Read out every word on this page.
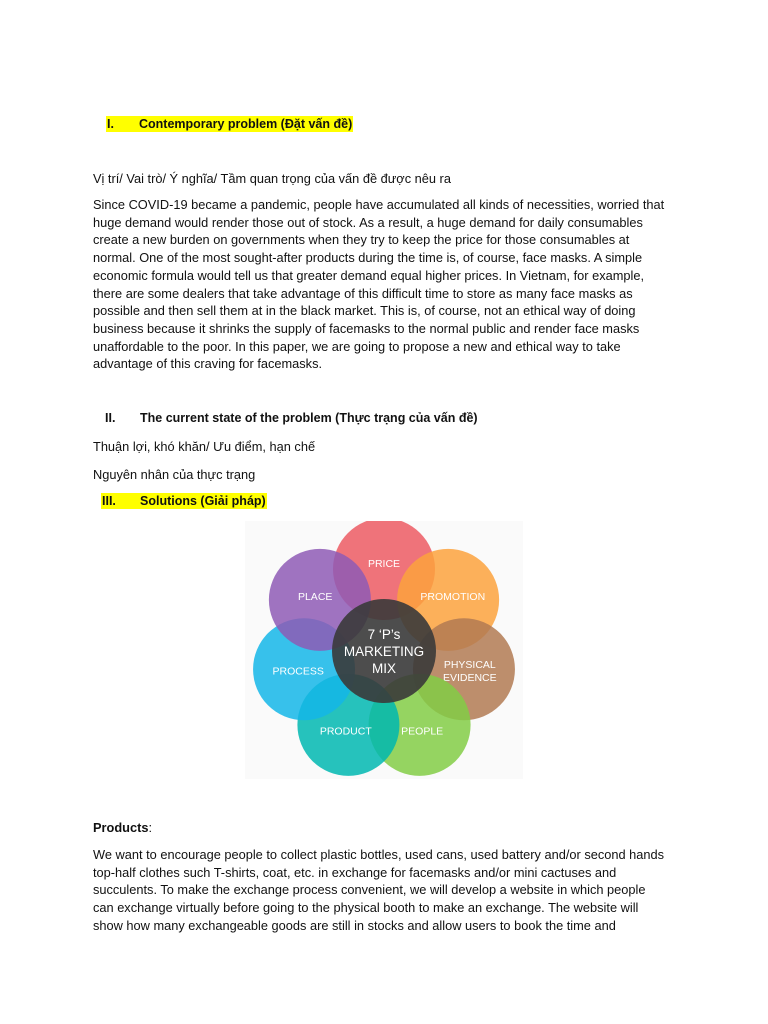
I. Contemporary problem (Đặt vấn đề)
Vị trí/ Vai trò/ Ý nghĩa/ Tầm quan trọng của vấn đề được nêu ra

Since COVID-19 became a pandemic, people have accumulated all kinds of necessities, worried that

huge demand would render those out of stock. As a result, a huge demand for daily consumables

create a new burden on governments when they try to keep the price for those consumables at

normal. One of the most sought-after products during the time is, of course, face masks. A simple

economic formula would tell us that greater demand equal higher prices. In Vietnam, for example,

there are some dealers that take advantage of this difficult time to store as many face masks as

possible and then sell them at in the black market. This is, of course, not an ethical way of doing

business because it shrinks the supply of facemasks to the normal public and render face masks

unaffordable to the poor. In this paper, we are going to propose a new and ethical way to take

advantage of this craving for facemasks.

II. The current state of the problem (Thực trạng của vấn đề)
Thuận lợi, khó khăn/ Ưu điểm, hạn chế
Nguyên nhân của thực trạng
III. Solutions (Giải pháp)
PRICE
PROMOTION
PHYSICAL
EVIDENCE
PEOPLE
PRODUCT
PROCESS
PLACE
7 ‘P’s
MARKETING
MIX
Products:

We want to encourage people to collect plastic bottles, used cans, used battery and/or second hands

top-half clothes such T-shirts, coat, etc. in exchange for facemasks and/or mini cactuses and

succulents. To make the exchange process convenient, we will develop a website in which people

can exchange virtually before going to the physical booth to make an exchange. The website will

show how many exchangeable goods are still in stocks and allow users to book the time and
